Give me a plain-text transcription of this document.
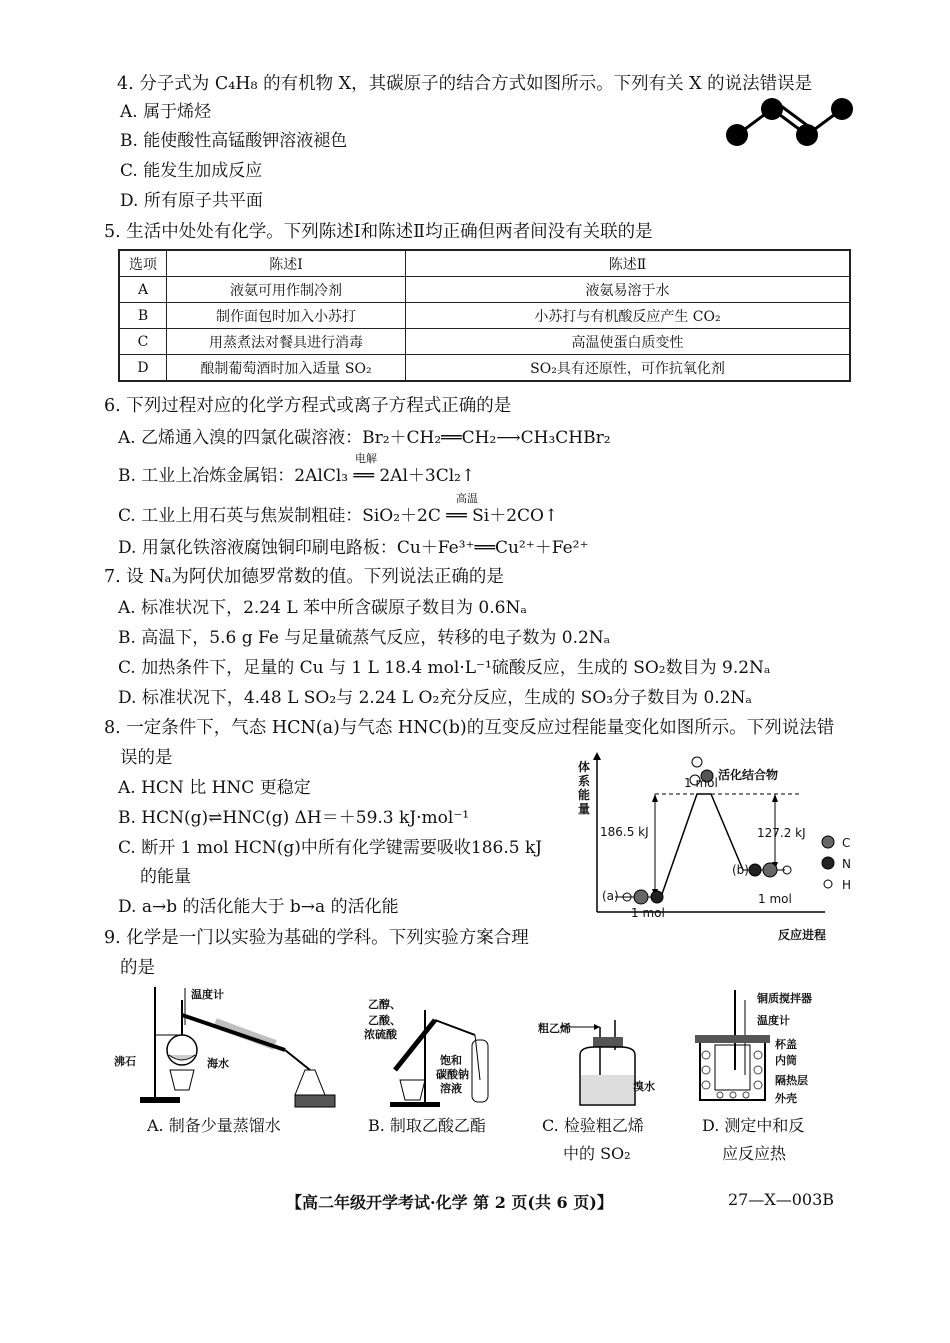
4. 分子式为 C₄H₈ 的有机物 X，其碳原子的结合方式如图所示。下列有关 X 的说法错误是
A. 属于烯烃
B. 能使酸性高锰酸钾溶液褪色
C. 能发生加成反应
D. 所有原子共平面
5. 生活中处处有化学。下列陈述Ⅰ和陈述Ⅱ均正确但两者间没有关联的是
选项	陈述Ⅰ	陈述Ⅱ
A	液氨可用作制冷剂	液氨易溶于水
B	制作面包时加入小苏打	小苏打与有机酸反应产生 CO₂
C	用蒸煮法对餐具进行消毒	高温使蛋白质变性
D	酿制葡萄酒时加入适量 SO₂	SO₂具有还原性，可作抗氧化剂
6. 下列过程对应的化学方程式或离子方程式正确的是
A. 乙烯通入溴的四氯化碳溶液：Br₂＋CH₂══CH₂⟶CH₃CHBr₂
B. 工业上冶炼金属铝：2AlCl₃ ══ 2Al＋3Cl₂↑
电解
C. 工业上用石英与焦炭制粗硅：SiO₂＋2C ══ Si＋2CO↑
高温
D. 用氯化铁溶液腐蚀铜印刷电路板：Cu＋Fe³⁺══Cu²⁺＋Fe²⁺
7. 设 Nₐ为阿伏加德罗常数的值。下列说法正确的是
A. 标准状况下，2.24 L 苯中所含碳原子数目为 0.6Nₐ
B. 高温下，5.6 g Fe 与足量硫蒸气反应，转移的电子数为 0.2Nₐ
C. 加热条件下，足量的 Cu 与 1 L 18.4 mol·L⁻¹硫酸反应，生成的 SO₂数目为 9.2Nₐ
D. 标准状况下，4.48 L SO₂与 2.24 L O₂充分反应，生成的 SO₃分子数目为 0.2Nₐ
8. 一定条件下，气态 HCN(a)与气态 HNC(b)的互变反应过程能量变化如图所示。下列说法错
误的是
A. HCN 比 HNC 更稳定
B. HCN(g)⇌HNC(g) ΔH＝＋59.3 kJ·mol⁻¹
C. 断开 1 mol HCN(g)中所有化学键需要吸收186.5 kJ
的能量
D. a→b 的活化能大于 b→a 的活化能
体系能量
活化结合物
1 mol
186.5 kJ	127.2 kJ
(a)
1 mol
(b)
1 mol
C
N
H
反应进程
9. 化学是一门以实验为基础的学科。下列实验方案合理
的是
温度计
沸石	海水
A. 制备少量蒸馏水
乙醇、
乙酸、
浓硫酸
饱和
碳酸钠
溶液
B. 制取乙酸乙酯
粗乙烯
溴水
C. 检验粗乙烯
中的 SO₂
铜质搅拌器
温度计
杯盖
内筒
隔热层
外壳
D. 测定中和反
应反应热
【高二年级开学考试·化学 第 2 页(共 6 页)】	27—X—003B
